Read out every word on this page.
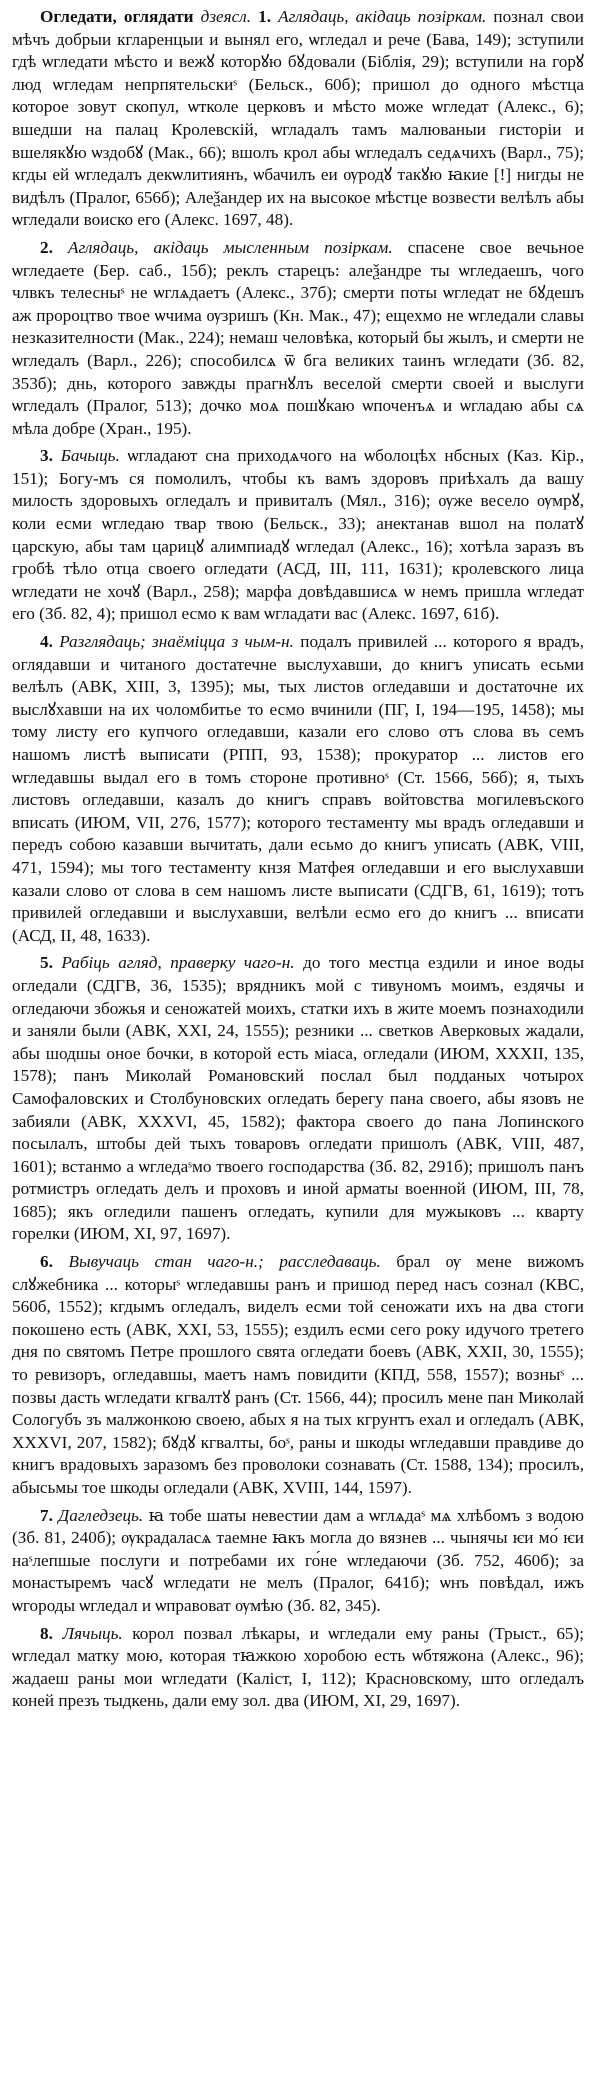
Огледати, оглядати дзеясл. 1. Аглядаць, акідаць позіркам. познал свои мѣчъ добрыи кгларенцыи и вынял его, ѡгледал и рече (Бава, 149); зступили гдѣ ѡгледати мѣсто и вежꙋ которꙋю бꙋдовали (Біблія, 29); вступили на горꙋ люд ѡгледам непрпятельскиˢ (Бельск., 60б); пришол до одного мѣстца которое зовут скопул, ѡтколе церковъ и мѣсто може ѡгледат (Алекс., 6); вшедши на палац Кролевскій, ѡгладалъ тамъ малюваныи гисторіи и вшелякꙋю ѡздобꙋ (Мак., 66); вшолъ крол абы ѡгледалъ седѧчихъ (Варл., 75); кгды ей ѡгледалъ декѡлитиянъ, ѡбачилъ еи ѹродꙋ такꙋю ꙗкие [!] нигды не видѣлъ (Пралог, 656б); Алеѯандер их на высокое мѣстце возвести велѣлъ абы ѡгледали воиско его (Алекс. 1697, 48).

2. Аглядаць, акідаць мысленным позіркам. спасене свое вечьное ѡгледаете (Бер. саб., 15б); реклъ старецъ: алеѯандре ты ѡгледаешъ, чого члвкъ телесныˢ не ѡглѧдаетъ (Алекс., 37б); смерти поты ѡгледат не бꙋдешъ аж пророцтво твое ѡчима ѹзришъ (Кн. Мак., 47); ещехмо не ѡгледали славы незказителности (Мак., 224); немаш человѣка, который бы жылъ, и смерти не ѡгледалъ (Варл., 226); способилсѧ ѿ бга великих таинъ ѡгледати (Зб. 82, 353б); днь, которого завжды прагнꙋлъ веселой смерти своей и выслуги ѡгледалъ (Пралог, 513); дочко моѧ пошꙋкаю ѡпоченъѧ и ѡгладаю абы сѧ мѣла добре (Хран., 195).

3. Бачыць. ѡгладают сна приходѧчого на ѡболоцѣх нбсных (Каз. Кір., 151); Богу-мъ ся помолилъ, чтобы къ вамъ здоровъ приѣхалъ да вашу милость здоровыхъ огледалъ и привиталъ (Мял., 316); ѹже весело ѹмрꙋ, коли есми ѡгледаю твар твою (Бельск., 33); анектанав вшол на полатꙋ царскую, абы там царицꙋ алимпиадꙋ ѡгледал (Алекс., 16); хотѣла заразъ въ гробѣ тѣло отца своего огледати (АСД, III, 111, 1631); кролевского лица ѡгледати не хочꙋ (Варл., 258); марфа довѣдавшисѧ ѡ немъ пришла ѡгледат его (Зб. 82, 4); пришол есмо к вам ѡгладати вас (Алекс. 1697, 61б).

4. Разглядаць; знаёміцца з чым-н. подалъ привилей ... которого я врадъ, оглядавши и читаного достатечне выслухавши, до книгъ уписать есьми велѣлъ (АВК, XIII, 3, 1395); мы, тых листов огледавши и достаточне их выслꙋхавши на их чоломбитье то есмо вчинили (ПГ, I, 194—195, 1458); мы тому листу его купчого огледавши, казали его слово отъ слова въ семъ нашомъ листѣ выписати (РПП, 93, 1538); прокуратор ... листов его ѡгледавшы выдал его в томъ стороне противноˢ (Ст. 1566, 56б); я, тыхъ листовъ огледавши, казалъ до книгъ справъ войтовства могилевъского вписать (ИЮМ, VII, 276, 1577); которого тестаменту мы врадъ огледавши и передъ собою казавши вычитать, дали есьмо до книгъ уписать (АВК, VIII, 471, 1594); мы того тестаменту кнзя Матфея огледавши и его выслухавши казали слово от слова в сем нашомъ листе выписати (СДГВ, 61, 1619); тотъ привилей огледавши и выслухавши, велѣли есмо его до книгъ ... вписати (АСД, II, 48, 1633).

5. Рабіць агляд, праверку чаго-н. до того местца ездили и иное воды огледали (СДГВ, 36, 1535); врядникъ мой с тивуномъ моимъ, ездячы и огледаючи збожья и сеножатей моихъ, статки ихъ в жите моемъ познаходили и заняли были (АВК, XXI, 24, 1555); резники ... светков Аверковых жадали, абы шодшы оное бочки, в которой есть міаса, огледали (ИЮМ, XXXII, 135, 1578); панъ Миколай Романовский послал был подданых чотырох Самофаловских и Столбуновских огледать берегу пана своего, абы язовъ не забияли (АВК, XXXVI, 45, 1582); фактора своего до пана Лопинского посылалъ, штобы дей тыхъ товаровъ огледати пришолъ (АВК, VIII, 487, 1601); встанмо а ѡгледаˢмо твоего господарства (Зб. 82, 291б); пришолъ панъ ротмистръ огледать делъ и проховъ и иной арматы военной (ИЮМ, III, 78, 1685); якъ огледили пашенъ огледать, купили для мужыковъ ... кварту горелки (ИЮМ, XI, 97, 1697).

6. Вывучаць стан чаго-н.; расследаваць. брал ѹ мене вижомъ слꙋжебника ... которыˢ ѡгледавшы ранъ и пришод перед насъ сознал (КВС, 560б, 1552); кгдымъ огледалъ, виделъ есми той сеножати ихъ на два стоги покошено есть (АВК, XXI, 53, 1555); ездилъ есми сего року идучого третего дня по святомъ Петре прошлого свята огледати боевъ (АВК, XXII, 30, 1555); то ревизоръ, огледавшы, маетъ намъ повидити (КПД, 558, 1557); возныˢ ... позвы дасть ѡгледати кгвалтꙋ ранъ (Ст. 1566, 44); просилъ мене пан Миколай Сологубъ зъ малжонкою своею, абых я на тых кгрунтъ ехал и огледалъ (АВК, XXXVI, 207, 1582); бꙋдꙋ кгвалты, боˢ, раны и шкоды ѡгледавши правдиве до книгъ врадовыхъ заразомъ без проволоки сознавать (Ст. 1588, 134); просилъ, абысьмы тое шкоды огледали (АВК, XVIII, 144, 1597).

7. Дагледзець. ꙗ тобе шаты невестии дам а ѡглѧдаˢ мѧ хлѣбомъ з водою (Зб. 81, 240б); ѹкрадаласѧ таемне ꙗкъ могла до вязнев ... чынячы ѥи мо́ ѥи наˢлепшые послуги и потребами их го́не ѡгледаючи (Зб. 752, 460б); за монастыремъ часꙋ ѡгледати не мелъ (Пралог, 641б); ѡнъ повѣдал, ижъ ѡгороды ѡгледал и ѡправоват ѹмѣю (Зб. 82, 345).

8. Лячыць. корол позвал лѣкары, и ѡгледали ему раны (Трыст., 65); ѡгледал матку мою, которая тꙗжкою хоробою есть ѡбтяжона (Алекс., 96); жадаеш раны мои ѡгледати (Каліст, I, 112); Красновскому, што огледалъ коней презъ тыдкень, дали ему зол. два (ИЮМ, XI, 29, 1697).
